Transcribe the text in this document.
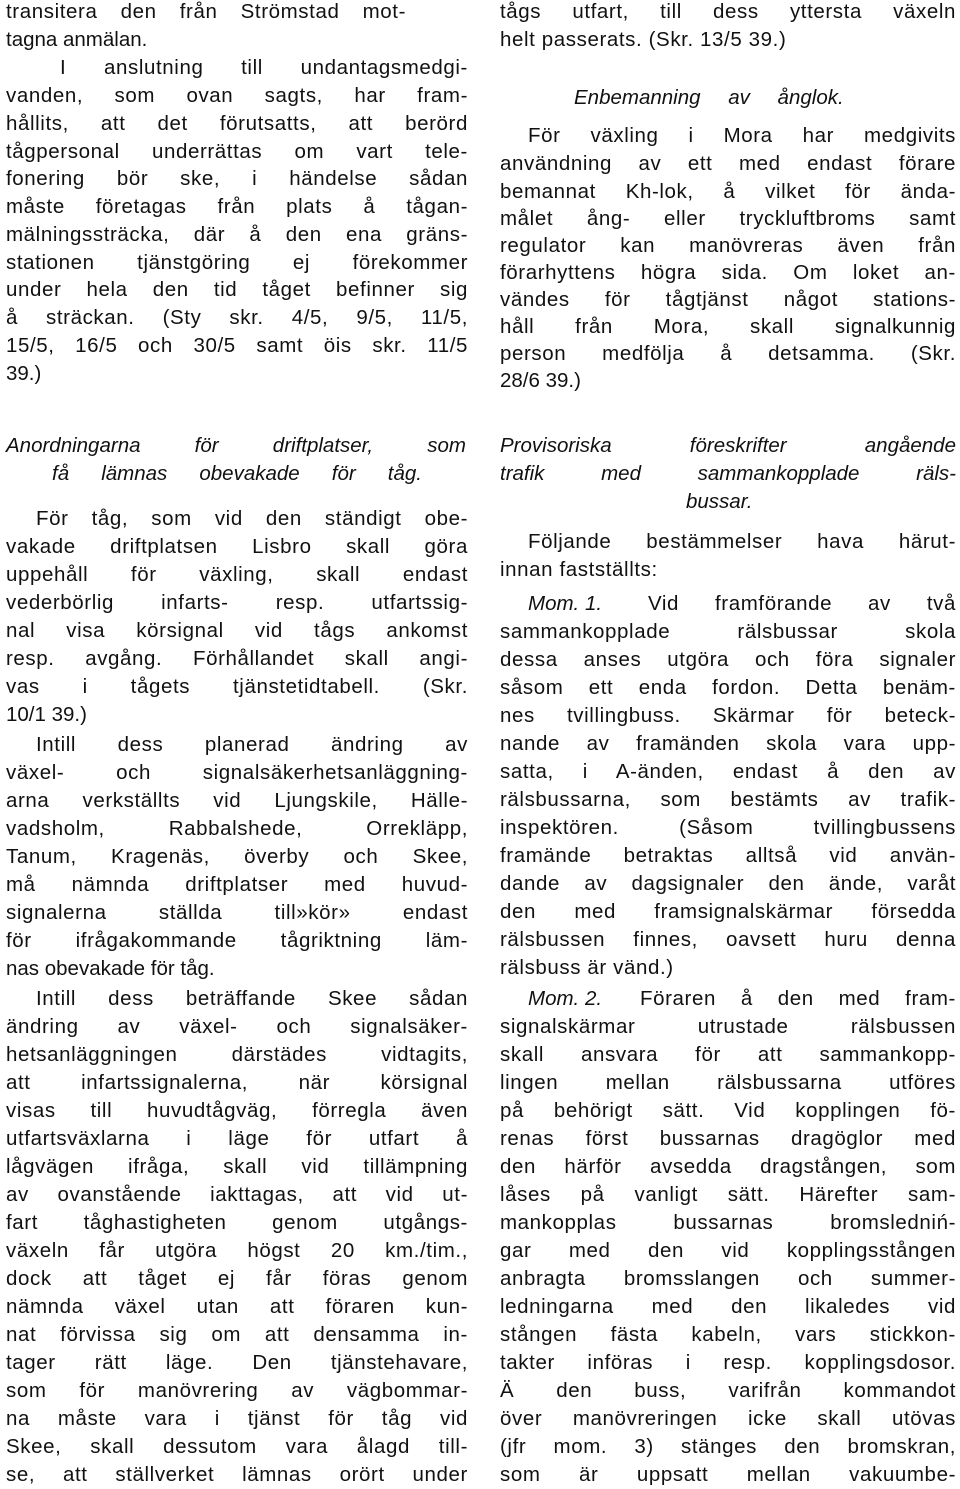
transitera den från Strömstad mot-
tagna anmälan.
I anslutning till undantagsmedgi-
vanden, som ovan sagts, har fram-
hållits, att det förutsatts, att berörd
tågpersonal underrättas om vart tele-
fonering bör ske, i händelse sådan
måste företagas från plats å tågan-
mälningssträcka, där å den ena gräns-
stationen tjänstgöring ej förekommer
under hela den tid tåget befinner sig
å sträckan. (Sty skr. 4/5, 9/5, 11/5,
15/5, 16/5 och 30/5 samt öis skr. 11/5
39.)
Anordningarna för driftplatser, som
få lämnas obevakade för tåg.
För tåg, som vid den ständigt obe-
vakade driftplatsen Lisbro skall göra
uppehåll för växling, skall endast
vederbörlig infarts- resp. utfartssig-
nal visa körsignal vid tågs ankomst
resp. avgång. Förhållandet skall angi-
vas i tågets tjänstetidtabell. (Skr.
10/1 39.)
Intill dess planerad ändring av
växel- och signalsäkerhetsanläggning-
arna verkställts vid Ljungskile, Hälle-
vadsholm, Rabbalshede, Orrekläpp,
Tanum, Kragenäs, överby och Skee,
må nämnda driftplatser med huvud-
signalerna ställda till»kör» endast
för ifrågakommande tågriktning läm-
nas obevakade för tåg.
Intill dess beträffande Skee sådan
ändring av växel- och signalsäker-
hetsanläggningen därstädes vidtagits,
att infartssignalerna, när körsignal
visas till huvudtågväg, förregla även
utfartsväxlarna i läge för utfart å
lågvägen ifråga, skall vid tillämpning
av ovanstående iakttagas, att vid ut-
fart tåghastigheten genom utgångs-
växeln får utgöra högst 20 km./tim.,
dock att tåget ej får föras genom
nämnda växel utan att föraren kun-
nat förvissa sig om att densamma in-
tager rätt läge. Den tjänstehavare,
som för manövrering av vägbommar-
na måste vara i tjänst för tåg vid
Skee, skall dessutom vara ålagd till-
se, att ställverket lämnas orört under
tågs utfart, till dess yttersta växeln
helt passerats. (Skr. 13/5 39.)
Enbemanning av ånglok.
För växling i Mora har medgivits
användning av ett med endast förare
bemannat Kh-lok, å vilket för ända-
målet ång- eller tryckluftbroms samt
regulator kan manövreras även från
förarhyttens högra sida. Om loket an-
vändes för tågtjänst något stations-
håll från Mora, skall signalkunnig
person medfölja å detsamma. (Skr.
28/6 39.)
Provisoriska föreskrifter angående
trafik med sammankopplade räls-
bussar.
Följande bestämmelser hava härut-
innan fastställts:
Mom. 1. Vid framförande av två
sammankopplade rälsbussar skola
dessa anses utgöra och föra signaler
såsom ett enda fordon. Detta benäm-
nes tvillingbuss. Skärmar för beteck-
nande av framänden skola vara upp-
satta, i A-änden, endast å den av
rälsbussarna, som bestämts av trafik-
inspektören. (Såsom tvillingbussens
framände betraktas alltså vid använ-
dande av dagsignaler den ände, varåt
den med framsignalskärmar försedda
rälsbussen finnes, oavsett huru denna
rälsbuss är vänd.)
Mom. 2. Föraren å den med fram-
signalskärmar utrustade rälsbussen
skall ansvara för att sammankopp-
lingen mellan rälsbussarna utföres
på behörigt sätt. Vid kopplingen fö-
renas först bussarnas dragöglor med
den härför avsedda dragstången, som
låses på vanligt sätt. Härefter sam-
mankopplas bussarnas bromsledniń-
gar med den vid kopplingsstången
anbragta bromsslangen och summer-
ledningarna med den likaledes vid
stången fästa kabeln, vars stickkon-
takter införas i resp. kopplingsdosor.
Ä den buss, varifrån kommandot
över manövreringen icke skall utövas
(jfr mom. 3) stänges den bromskran,
som är uppsatt mellan vakuumbe-
